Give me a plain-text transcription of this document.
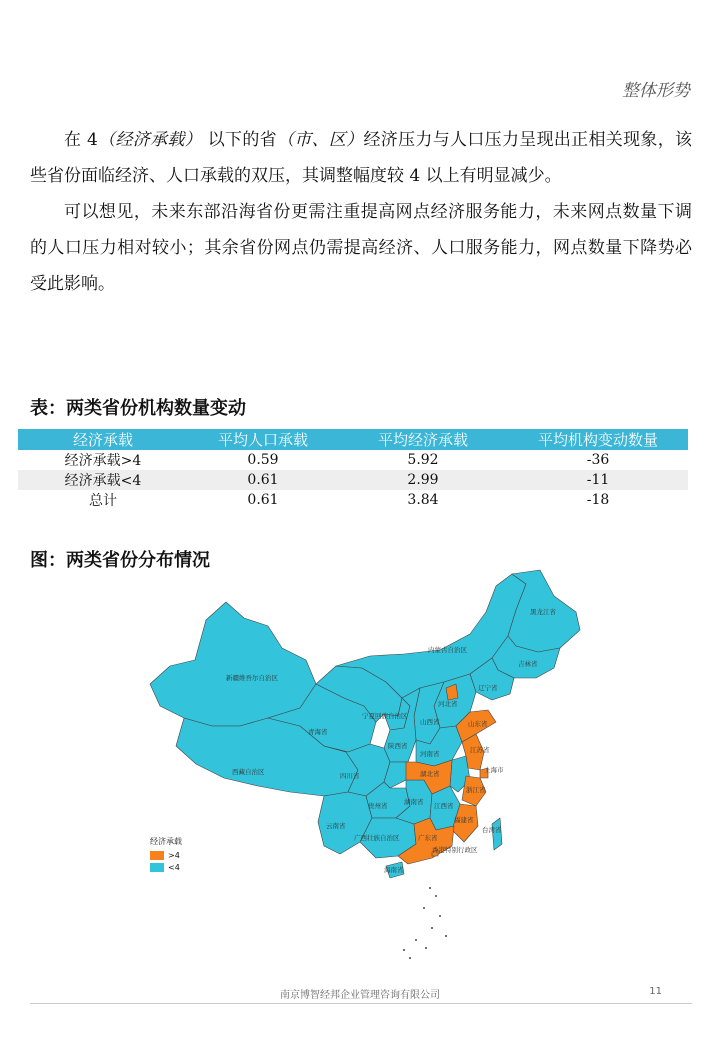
整体形势

在 4（经济承载） 以下的省（市、区）经济压力与人口压力呈现出正相关现象，该些省份面临经济、人口承载的双压，其调整幅度较 4 以上有明显减少。

可以想见，未来东部沿海省份更需注重提高网点经济服务能力，未来网点数量下调的人口压力相对较小；其余省份网点仍需提高经济、人口服务能力，网点数量下降势必受此影响。

表：两类省份机构数量变动
经济承载	平均人口承载	平均经济承载	平均机构变动数量
经济承载>4	0.59	5.92	-36
经济承载<4	0.61	2.99	-11
总计	0.61	3.84	-18
图：两类省份分布情况
新疆维吾尔自治区
西藏自治区
青海省
四川省
内蒙古自治区
黑龙江省
吉林省
辽宁省
河北省
山西省
宁夏回族自治区
陕西省
河南省
山东省
江苏省
上海市
浙江省
福建省
台湾省
湖北省
湖南省 江西省
贵州省
云南省
广西壮族自治区	广东省
香港特别行政区
海南省
经济承载
>4
<4
南京博智经邦企业管理咨询有限公司	11
